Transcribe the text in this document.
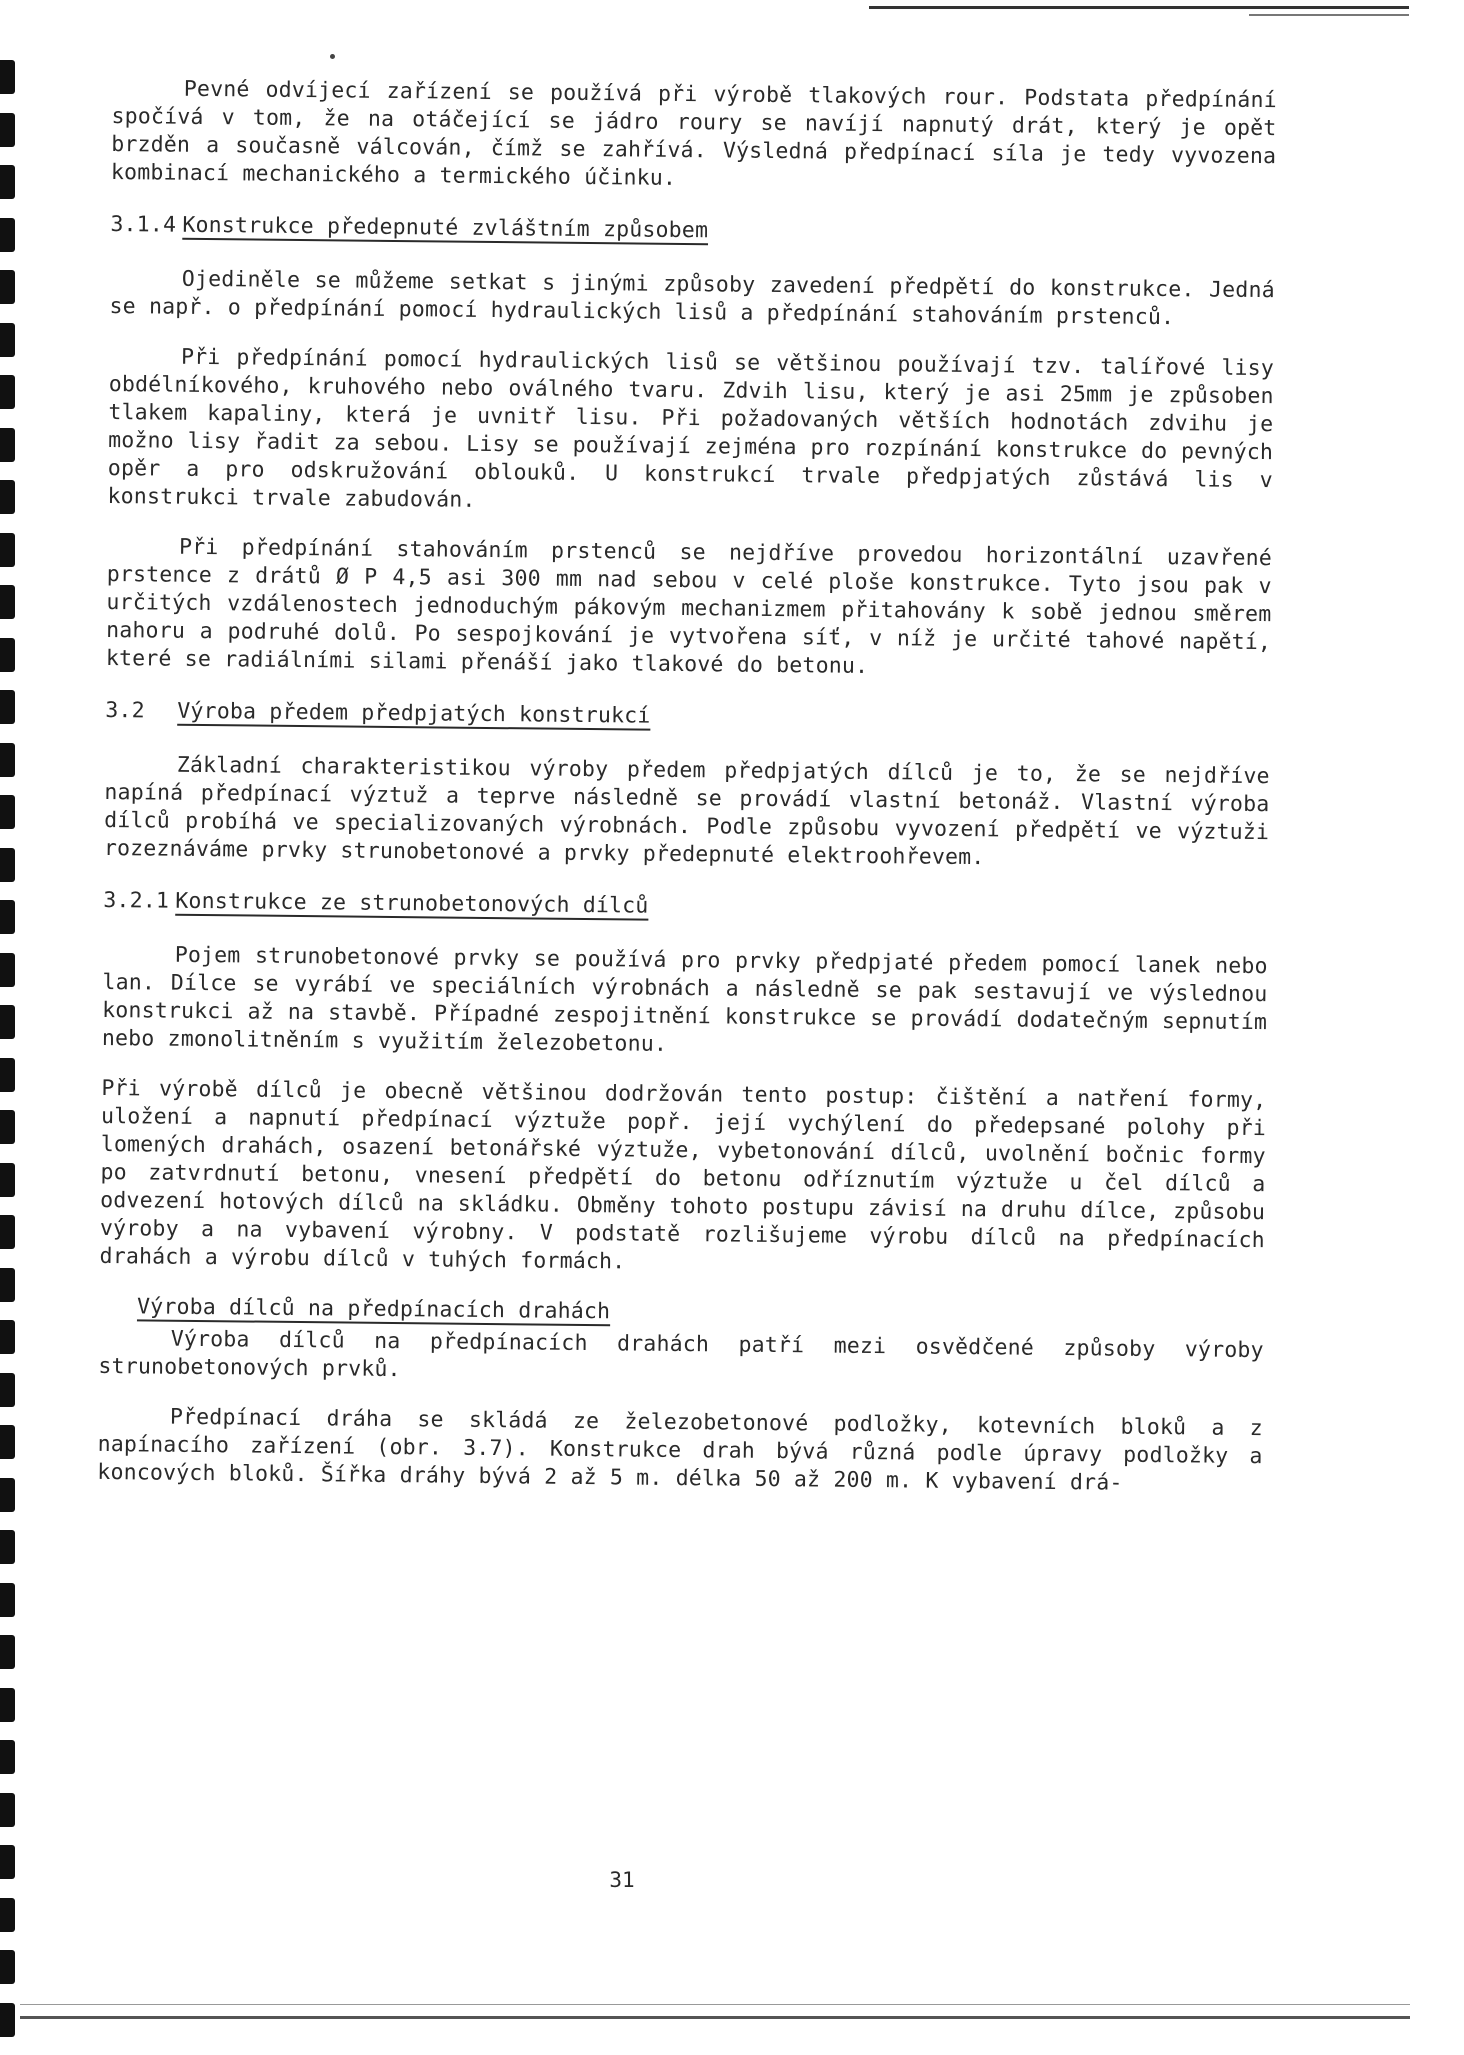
Pevné odvíjecí zařízení se používá při výrobě tlakových rour. Podstata předpínání spočívá v tom, že na otáčející se jádro roury se navíjí napnutý drát, který je opět brzděn a současně válcován, čímž se zahřívá. Výsledná předpínací síla je tedy vyvozena kombinací mechanického a termického účinku.

3.1.4 Konstrukce předepnuté zvláštním způsobem

Ojediněle se můžeme setkat s jinými způsoby zavedení předpětí do konstrukce. Jedná se např. o předpínání pomocí hydraulických lisů a předpínání stahováním prstenců.

Při předpínání pomocí hydraulických lisů se většinou používají tzv. talířové lisy obdélníkového, kruhového nebo oválného tvaru. Zdvih lisu, který je asi 25mm je způsoben tlakem kapaliny, která je uvnitř lisu. Při požadovaných větších hodnotách zdvihu je možno lisy řadit za sebou. Lisy se používají zejména pro rozpínání konstrukce do pevných opěr a pro odskružování oblouků. U konstrukcí trvale předpjatých zůstává lis v konstrukci trvale zabudován.

Při předpínání stahováním prstenců se nejdříve provedou horizontální uzavřené prstence z drátů Ø P 4,5 asi 300 mm nad sebou v celé ploše konstrukce. Tyto jsou pak v určitých vzdálenostech jednoduchým pákovým mechanizmem přitahovány k sobě jednou směrem nahoru a podruhé dolů. Po sespojkování je vytvořena síť, v níž je určité tahové napětí, které se radiálními silami přenáší jako tlakové do betonu.

3.2 Výroba předem předpjatých konstrukcí

Základní charakteristikou výroby předem předpjatých dílců je to, že se nejdříve napíná předpínací výztuž a teprve následně se provádí vlastní betonáž. Vlastní výroba dílců probíhá ve specializovaných výrobnách. Podle způsobu vyvození předpětí ve výztuži rozeznáváme prvky strunobetonové a prvky předepnuté elektroohřevem.

3.2.1 Konstrukce ze strunobetonových dílců

Pojem strunobetonové prvky se používá pro prvky předpjaté předem pomocí lanek nebo lan. Dílce se vyrábí ve speciálních výrobnách a následně se pak sestavují ve výslednou konstrukci až na stavbě. Případné zespojitnění konstrukce se provádí dodatečným sepnutím nebo zmonolitněním s využitím železobetonu.

Při výrobě dílců je obecně většinou dodržován tento postup: čištění a natření formy, uložení a napnutí předpínací výztuže popř. její vychýlení do předepsané polohy při lomených drahách, osazení betonářské výztuže, vybetonování dílců, uvolnění bočnic formy po zatvrdnutí betonu, vnesení předpětí do betonu odříznutím výztuže u čel dílců a odvezení hotových dílců na skládku. Obměny tohoto postupu závisí na druhu dílce, způsobu výroby a na vybavení výrobny. V podstatě rozlišujeme výrobu dílců na předpínacích drahách a výrobu dílců v tuhých formách.

Výroba dílců na předpínacích drahách

Výroba dílců na předpínacích drahách patří mezi osvědčené způsoby výroby strunobetonových prvků.

Předpínací dráha se skládá ze železobetonové podložky, kotevních bloků a z napínacího zařízení (obr. 3.7). Konstrukce drah bývá různá podle úpravy podložky a koncových bloků. Šířka dráhy bývá 2 až 5 m. délka 50 až 200 m. K vybavení drá-

31
